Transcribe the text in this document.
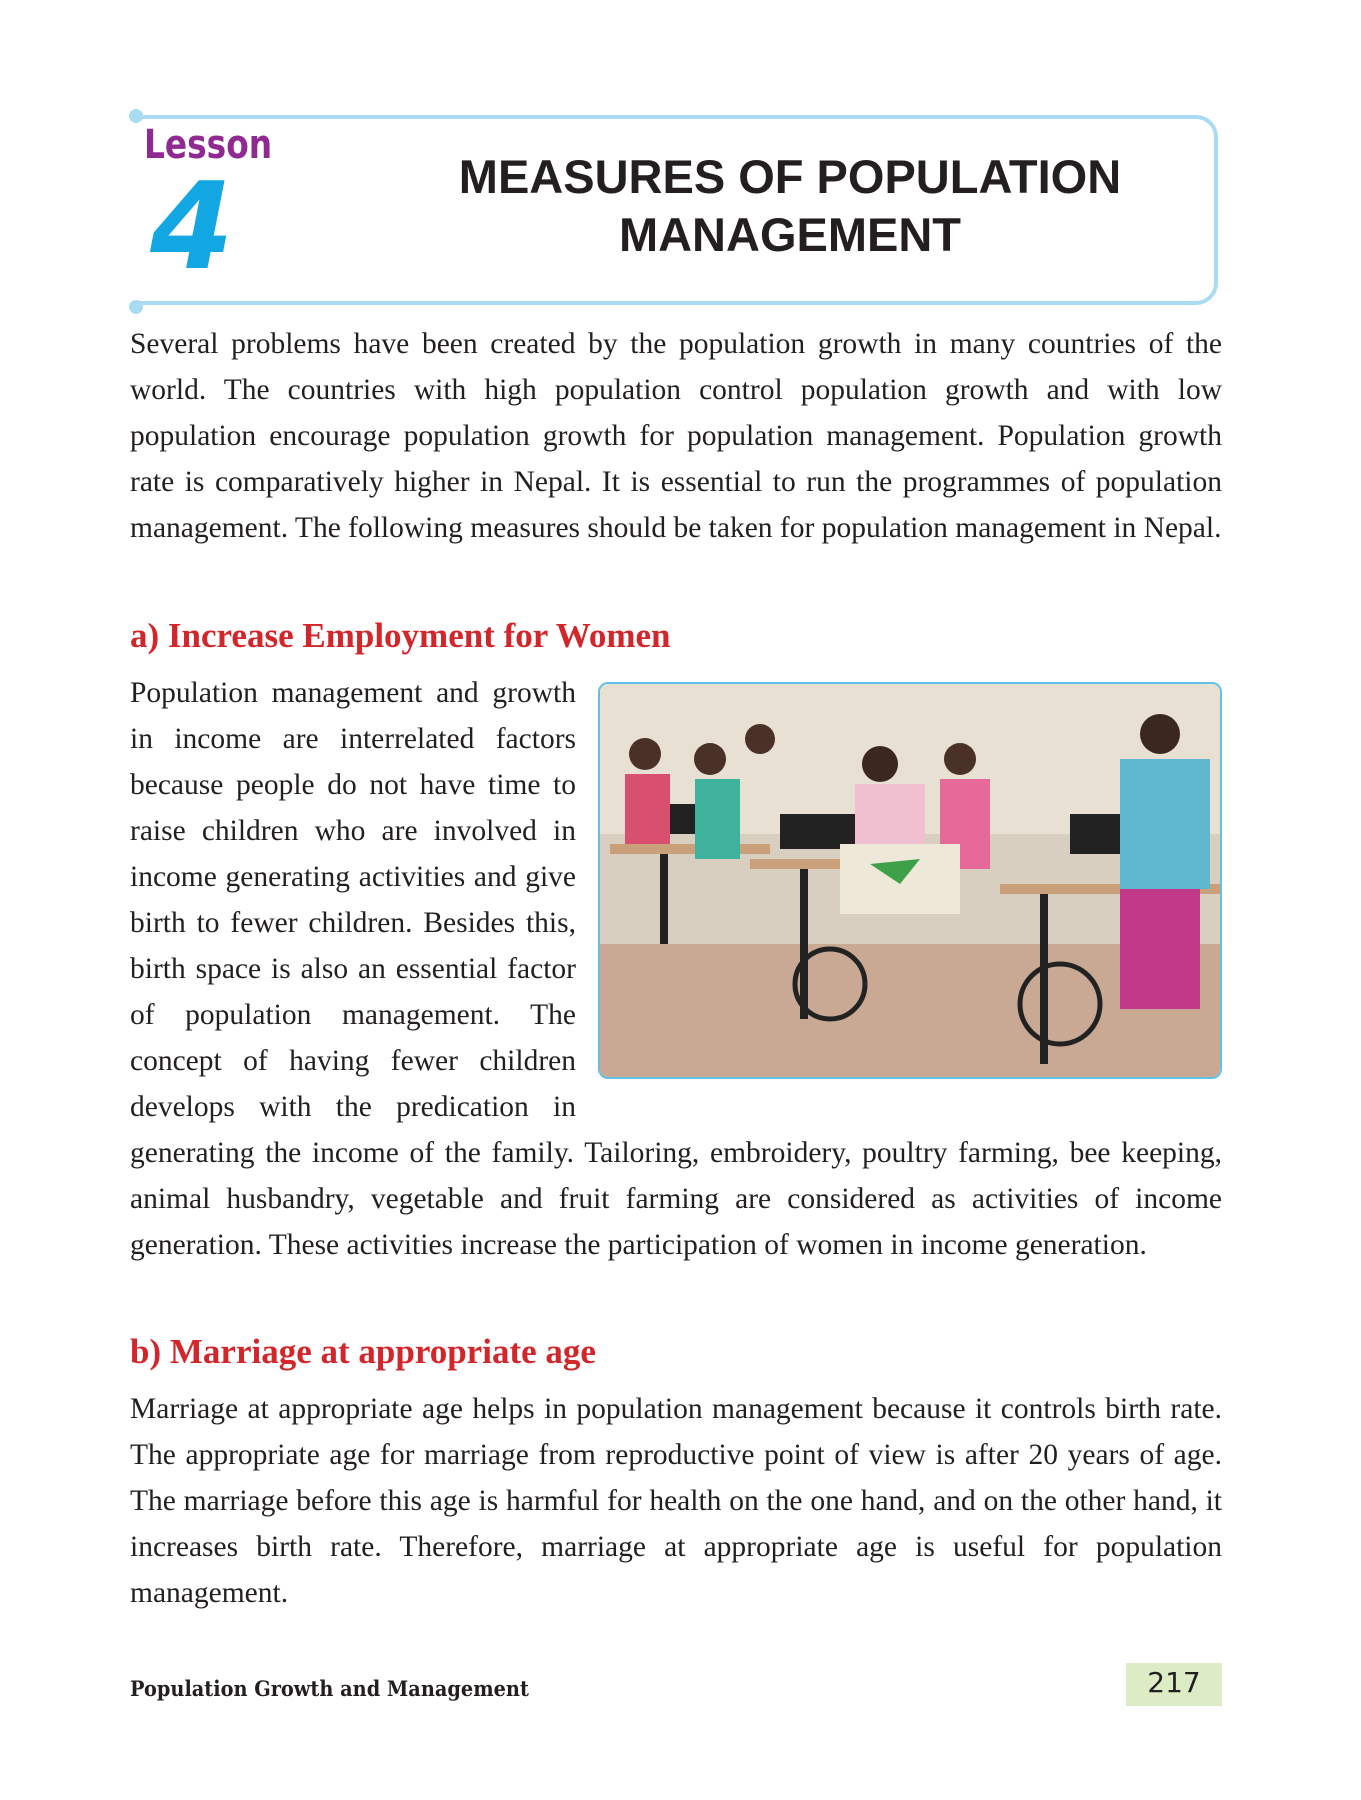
Lesson
4	MEASURES OF POPULATION
MANAGEMENT

Several problems have been created by the population growth in many countries of the world. The countries with high population control population growth and with low population encourage population growth for population management. Population growth rate is comparatively higher in Nepal. It is essential to run the programmes of population management. The following measures should be taken for population management in Nepal.

a) Increase Employment for Women

Population management and growth in income are interrelated factors because people do not have time to raise children who are involved in income generating activities and give birth to fewer children. Besides this, birth space is also an essential factor of population management. The concept of having fewer children develops with the predication in generating the income of the family. Tailoring, embroidery, poultry farming, bee keeping, animal husbandry, vegetable and fruit farming are considered as activities of income generation. These activities increase the participation of women in income generation.

b) Marriage at appropriate age

Marriage at appropriate age helps in population management because it controls birth rate. The appropriate age for marriage from reproductive point of view is after 20 years of age. The marriage before this age is harmful for health on the one hand, and on the other hand, it increases birth rate. Therefore, marriage at appropriate age is useful for population management.

Population Growth and Management	217
